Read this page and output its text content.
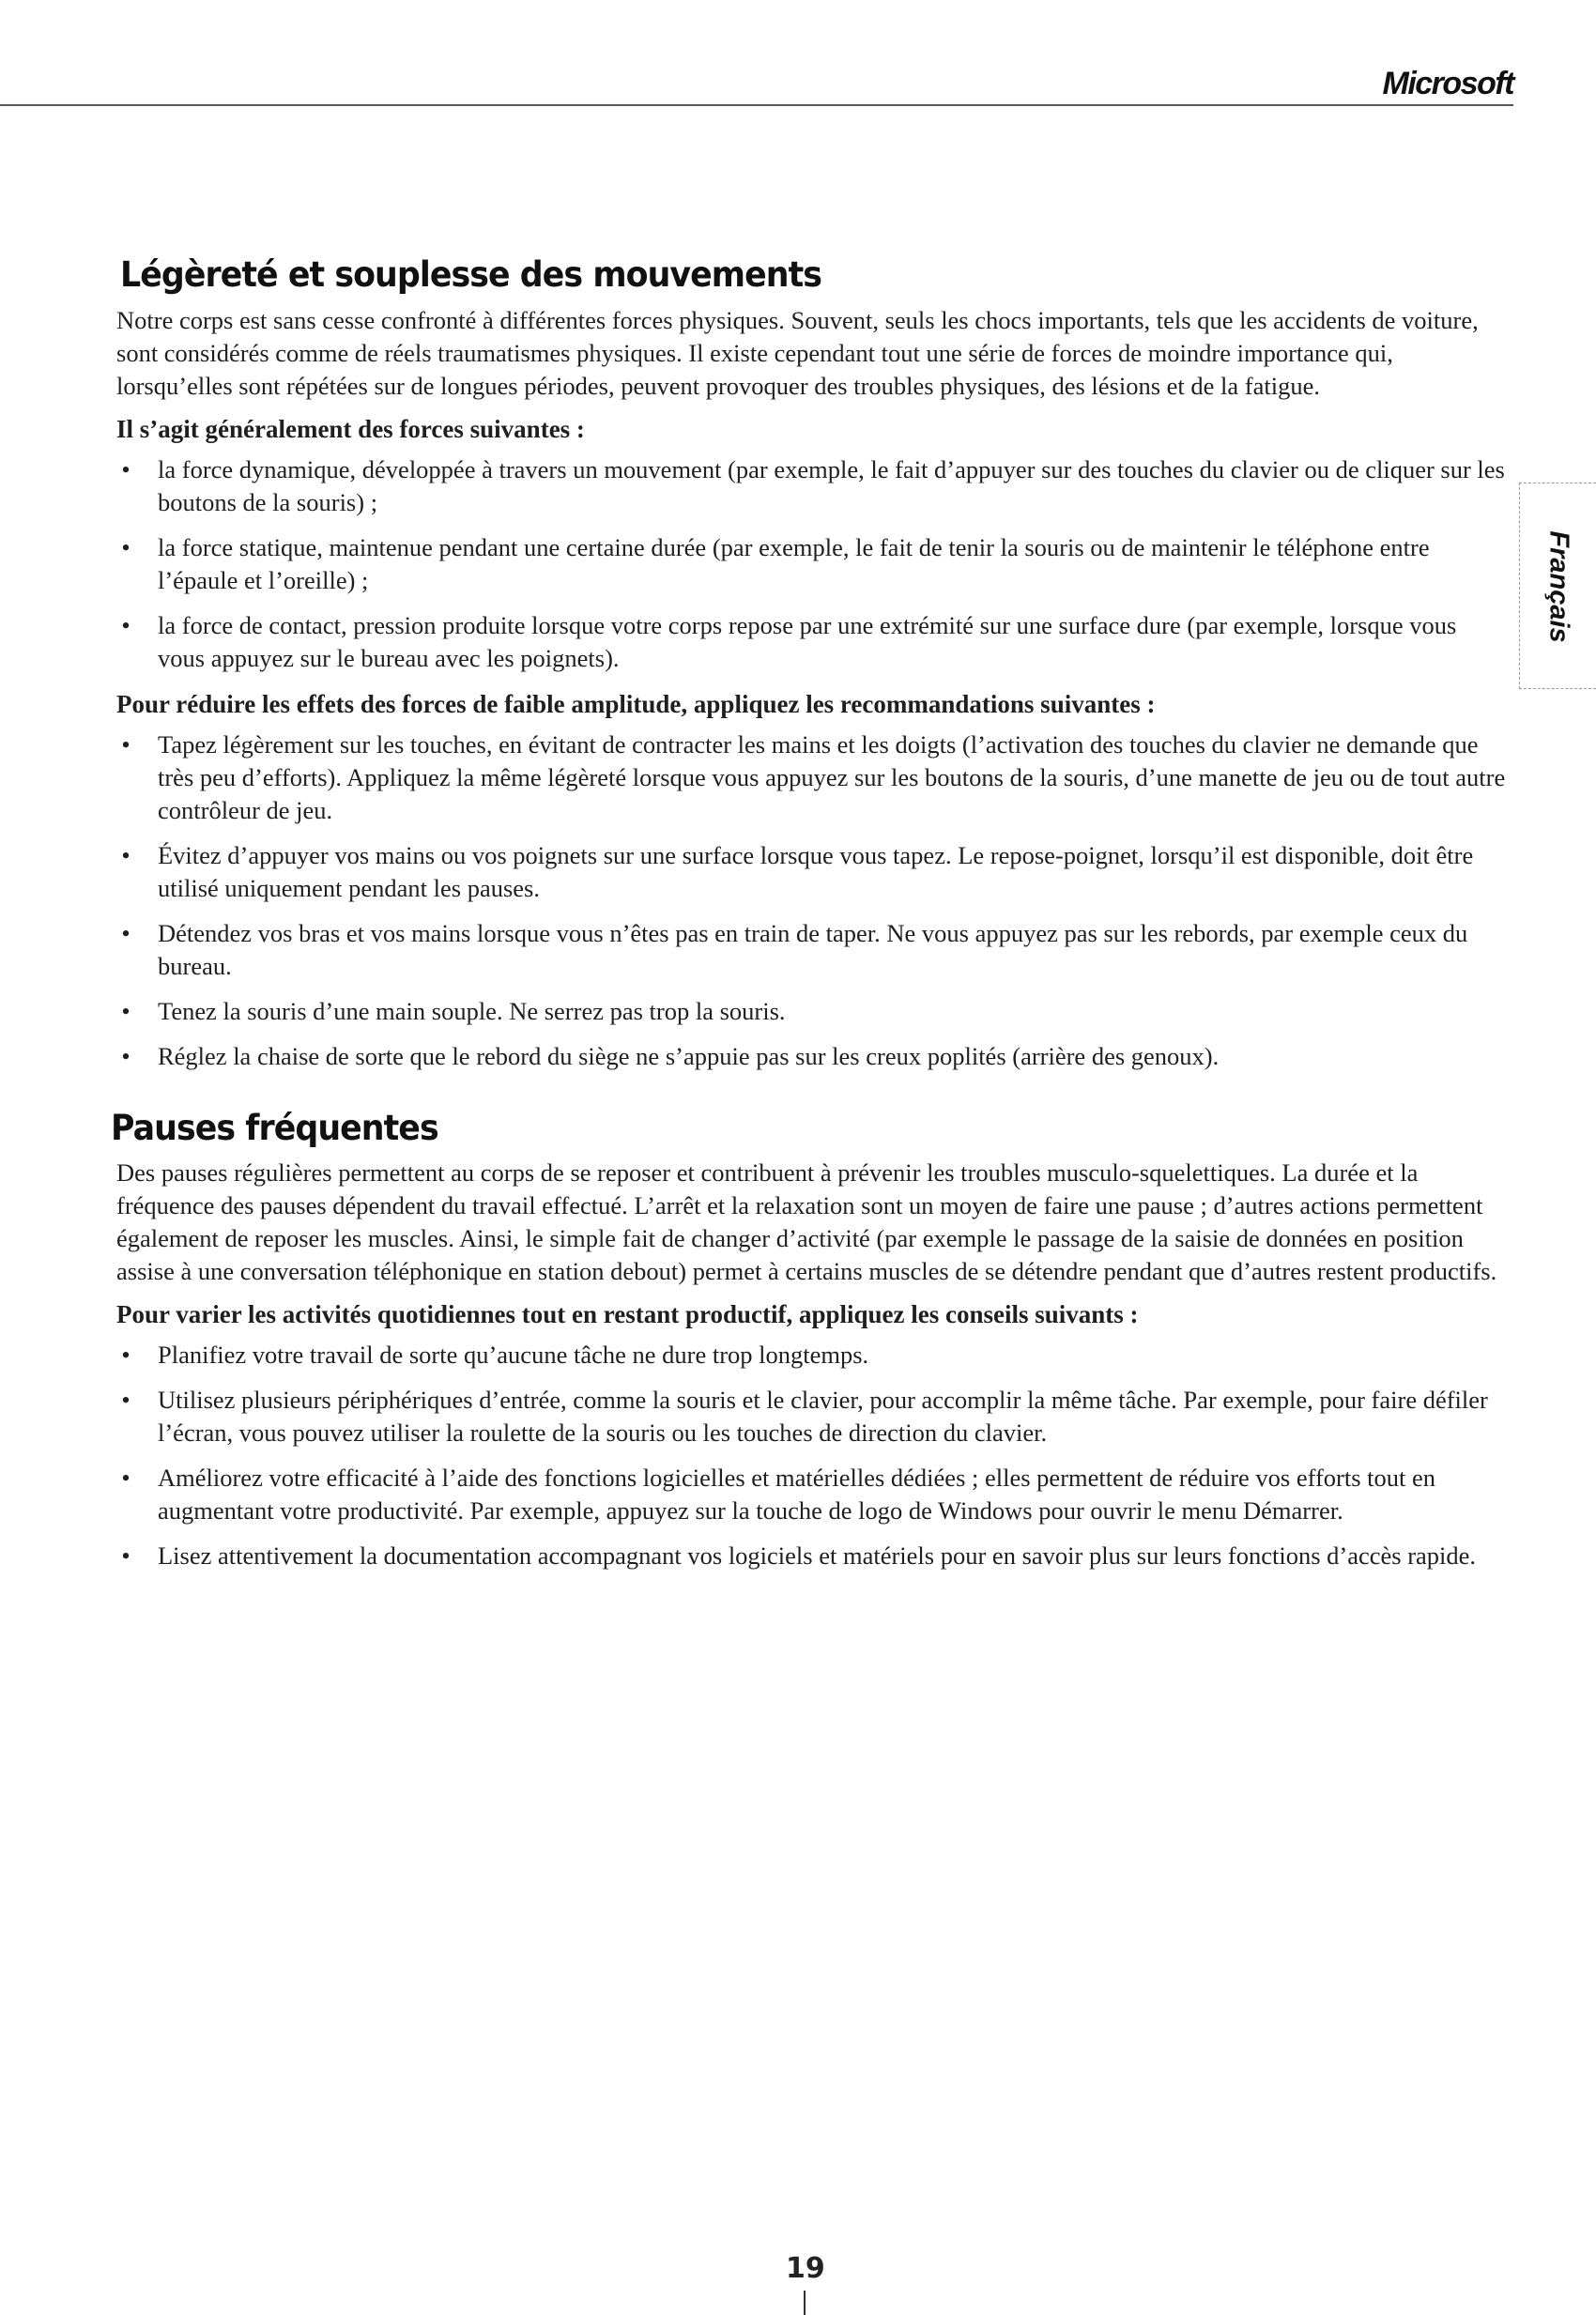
Microsoft
Français
Légèreté et souplesse des mouvements

Notre corps est sans cesse confronté à différentes forces physiques. Souvent, seuls les chocs importants, tels que les accidents de voiture, sont considérés comme de réels traumatismes physiques. Il existe cependant tout une série de forces de moindre importance qui, lorsqu’elles sont répétées sur de longues périodes, peuvent provoquer des troubles physiques, des lésions et de la fatigue.

Il s’agit généralement des forces suivantes :

• la force dynamique, développée à travers un mouvement (par exemple, le fait d’appuyer sur des touches du clavier ou de cliquer sur les boutons de la souris) ;
• la force statique, maintenue pendant une certaine durée (par exemple, le fait de tenir la souris ou de maintenir le téléphone entre l’épaule et l’oreille) ;
• la force de contact, pression produite lorsque votre corps repose par une extrémité sur une surface dure (par exemple, lorsque vous vous appuyez sur le bureau avec les poignets).

Pour réduire les effets des forces de faible amplitude, appliquez les recommandations suivantes :

• Tapez légèrement sur les touches, en évitant de contracter les mains et les doigts (l’activation des touches du clavier ne demande que très peu d’efforts). Appliquez la même légèreté lorsque vous appuyez sur les boutons de la souris, d’une manette de jeu ou de tout autre contrôleur de jeu.
• Évitez d’appuyer vos mains ou vos poignets sur une surface lorsque vous tapez. Le repose-poignet, lorsqu’il est disponible, doit être utilisé uniquement pendant les pauses.
• Détendez vos bras et vos mains lorsque vous n’êtes pas en train de taper. Ne vous appuyez pas sur les rebords, par exemple ceux du bureau.
• Tenez la souris d’une main souple. Ne serrez pas trop la souris.
• Réglez la chaise de sorte que le rebord du siège ne s’appuie pas sur les creux poplités (arrière des genoux).
Pauses fréquentes

Des pauses régulières permettent au corps de se reposer et contribuent à prévenir les troubles musculo-squelettiques. La durée et la fréquence des pauses dépendent du travail effectué. L’arrêt et la relaxation sont un moyen de faire une pause ; d’autres actions permettent également de reposer les muscles. Ainsi, le simple fait de changer d’activité (par exemple le passage de la saisie de données en position assise à une conversation téléphonique en station debout) permet à certains muscles de se détendre pendant que d’autres restent productifs.

Pour varier les activités quotidiennes tout en restant productif, appliquez les conseils suivants :

• Planifiez votre travail de sorte qu’aucune tâche ne dure trop longtemps.
• Utilisez plusieurs périphériques d’entrée, comme la souris et le clavier, pour accomplir la même tâche. Par exemple, pour faire défiler l’écran, vous pouvez utiliser la roulette de la souris ou les touches de direction du clavier.
• Améliorez votre efficacité à l’aide des fonctions logicielles et matérielles dédiées ; elles permettent de réduire vos efforts tout en augmentant votre productivité. Par exemple, appuyez sur la touche de logo de Windows pour ouvrir le menu Démarrer.
• Lisez attentivement la documentation accompagnant vos logiciels et matériels pour en savoir plus sur leurs fonctions d’accès rapide.
19
